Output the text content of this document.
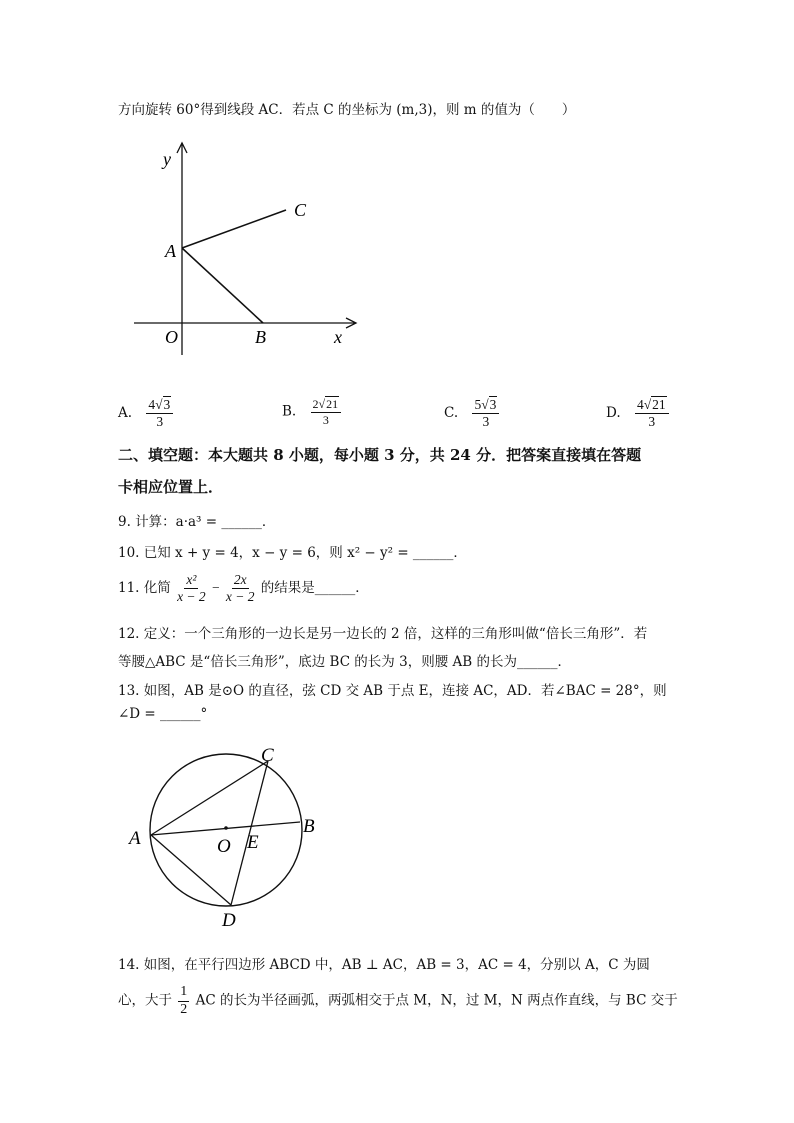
方向旋转 60°得到线段 AC．若点 C 的坐标为 (m,3)，则 m 的值为（　　）
y
x
O
A
B
C
A. $\frac{4√3}{3}$	B. $\frac{2√21}{3}$	C. $\frac{5√3}{3}$	D. $\frac{4√21}{3}$
二、填空题：本大题共 8 小题，每小题 3 分，共 24 分．把答案直接填在答题
卡相应位置上．
9. 计算：a·a³ = ______．
10. 已知 x + y = 4，x − y = 6，则 x² − y² = ______．
11. 化简 $\frac{\text{x²}}{x - 2} - \frac{2x}{x - 2}$ 的结果是______．
12. 定义：一个三角形的一边长是另一边长的 2 倍，这样的三角形叫做“倍长三角形”．若
等腰△ABC 是“倍长三角形”，底边 BC 的长为 3，则腰 AB 的长为______．
13. 如图，AB 是⊙O 的直径，弦 CD 交 AB 于点 E，连接 AC，AD．若∠BAC = 28°，则
∠D = ______°
A
B
C
D
O E
14. 如图，在平行四边形 ABCD 中，AB ⊥ AC，AB = 3，AC = 4，分别以 A，C 为圆
心，大于 $\frac{1}{2}$ AC 的长为半径画弧，两弧相交于点 M，N，过 M，N 两点作直线，与 BC 交于
